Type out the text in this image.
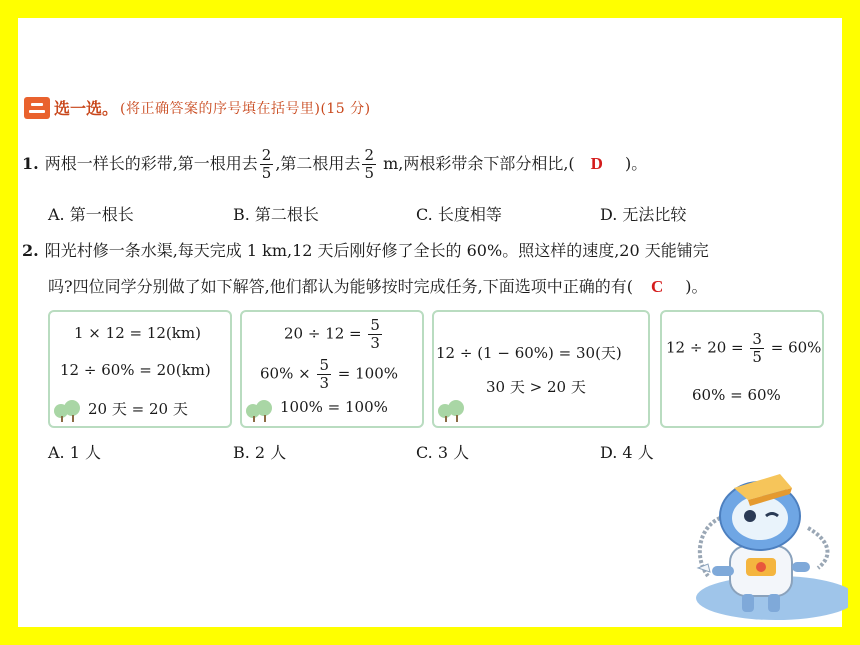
选一选。 (将正确答案的序号填在括号里)(15 分)
1. 两根一样长的彩带,第一根用去 $\frac{2}{5}$ ,第二根用去 $\frac{2}{5} m$,两根彩带余下部分相比,( D )。
A. 第一根长	B. 第二根长	C. 长度相等	D. 无法比较
2. 阳光村修一条水渠,每天完成 1 km,12 天后刚好修了全长的 60%。照这样的速度,20 天能铺完
吗?四位同学分别做了如下解答,他们都认为能够按时完成任务,下面选项中正确的有( C )。
1 × 12 = 12(km)
12 ÷ 60% = 20(km)
20 天 = 20 天
$20 \div 12 = \frac{5}{3}$
$60\% \times \frac{5}{3} = 100\%$
100% = 100%
12 ÷ (1 − 60%) = 30(天)
30 天 > 20 天
$12 \div 20 = \frac{3}{5} = 60\%$
60% = 60%
A. 1 人	B. 2 人	C. 3 人	D. 4 人
